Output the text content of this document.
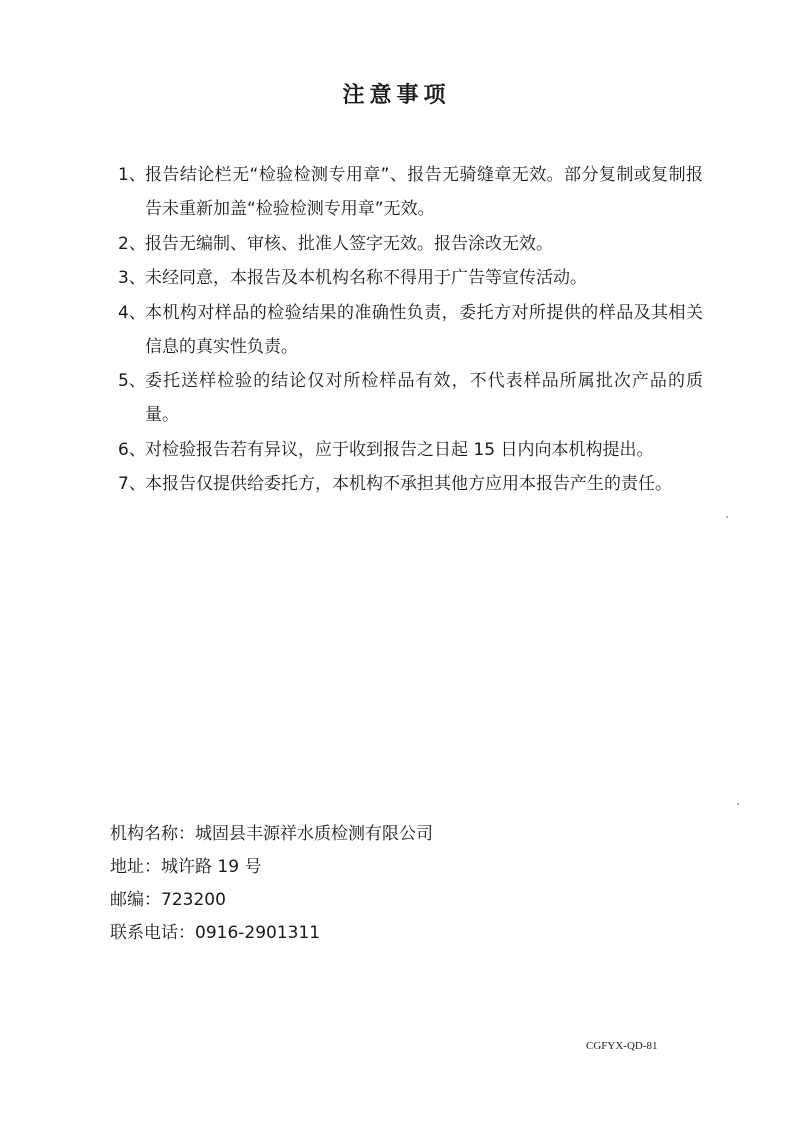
注意事项
1、 报告结论栏无“检验检测专用章”、报告无骑缝章无效。部分复制或复制报告未重新加盖“检验检测专用章”无效。
2、 报告无编制、审核、批准人签字无效。报告涂改无效。
3、 未经同意，本报告及本机构名称不得用于广告等宣传活动。
4、 本机构对样品的检验结果的准确性负责，委托方对所提供的样品及其相关信息的真实性负责。
5、 委托送样检验的结论仅对所检样品有效，不代表样品所属批次产品的质量。
6、 对检验报告若有异议，应于收到报告之日起 15 日内向本机构提出。
7、 本报告仅提供给委托方，本机构不承担其他方应用本报告产生的责任。
机构名称：城固县丰源祥水质检测有限公司
地址：城许路 19 号
邮编：723200
联系电话：0916-2901311
CGFYX-QD-81
